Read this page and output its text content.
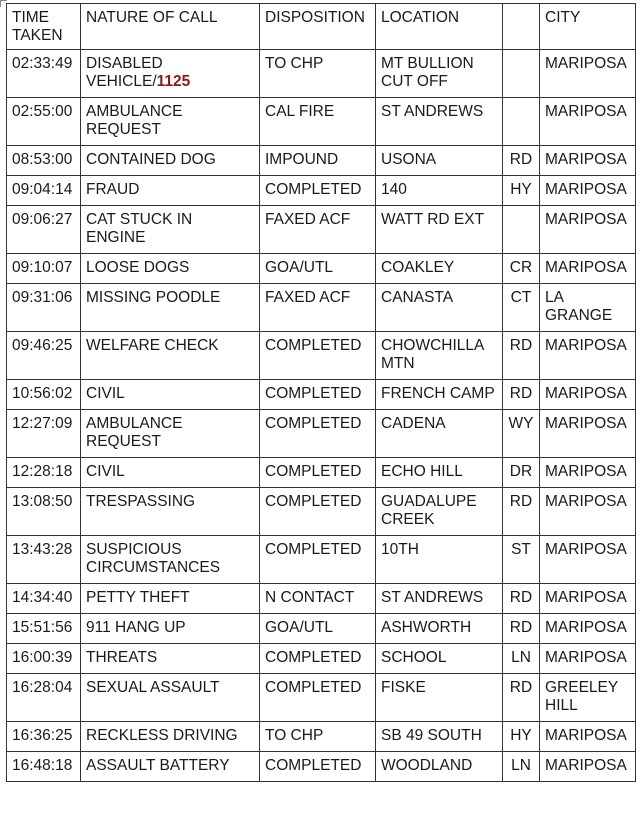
TIME TAKEN	NATURE OF CALL	DISPOSITION	LOCATION		CITY
02:33:49	DISABLED VEHICLE/1125	TO CHP	MT BULLION CUT OFF		MARIPOSA
02:55:00	AMBULANCE REQUEST	CAL FIRE	ST ANDREWS		MARIPOSA
08:53:00	CONTAINED DOG	IMPOUND	USONA	RD	MARIPOSA
09:04:14	FRAUD	COMPLETED	140	HY	MARIPOSA
09:06:27	CAT STUCK IN ENGINE	FAXED ACF	WATT RD EXT		MARIPOSA
09:10:07	LOOSE DOGS	GOA/UTL	COAKLEY	CR	MARIPOSA
09:31:06	MISSING POODLE	FAXED ACF	CANASTA	CT	LA GRANGE
09:46:25	WELFARE CHECK	COMPLETED	CHOWCHILLA MTN	RD	MARIPOSA
10:56:02	CIVIL	COMPLETED	FRENCH CAMP	RD	MARIPOSA
12:27:09	AMBULANCE REQUEST	COMPLETED	CADENA	WY	MARIPOSA
12:28:18	CIVIL	COMPLETED	ECHO HILL	DR	MARIPOSA
13:08:50	TRESPASSING	COMPLETED	GUADALUPE CREEK	RD	MARIPOSA
13:43:28	SUSPICIOUS CIRCUMSTANCES	COMPLETED	10TH	ST	MARIPOSA
14:34:40	PETTY THEFT	N CONTACT	ST ANDREWS	RD	MARIPOSA
15:51:56	911 HANG UP	GOA/UTL	ASHWORTH	RD	MARIPOSA
16:00:39	THREATS	COMPLETED	SCHOOL	LN	MARIPOSA
16:28:04	SEXUAL ASSAULT	COMPLETED	FISKE	RD	GREELEY HILL
16:36:25	RECKLESS DRIVING	TO CHP	SB 49 SOUTH	HY	MARIPOSA
16:48:18	ASSAULT BATTERY	COMPLETED	WOODLAND	LN	MARIPOSA
